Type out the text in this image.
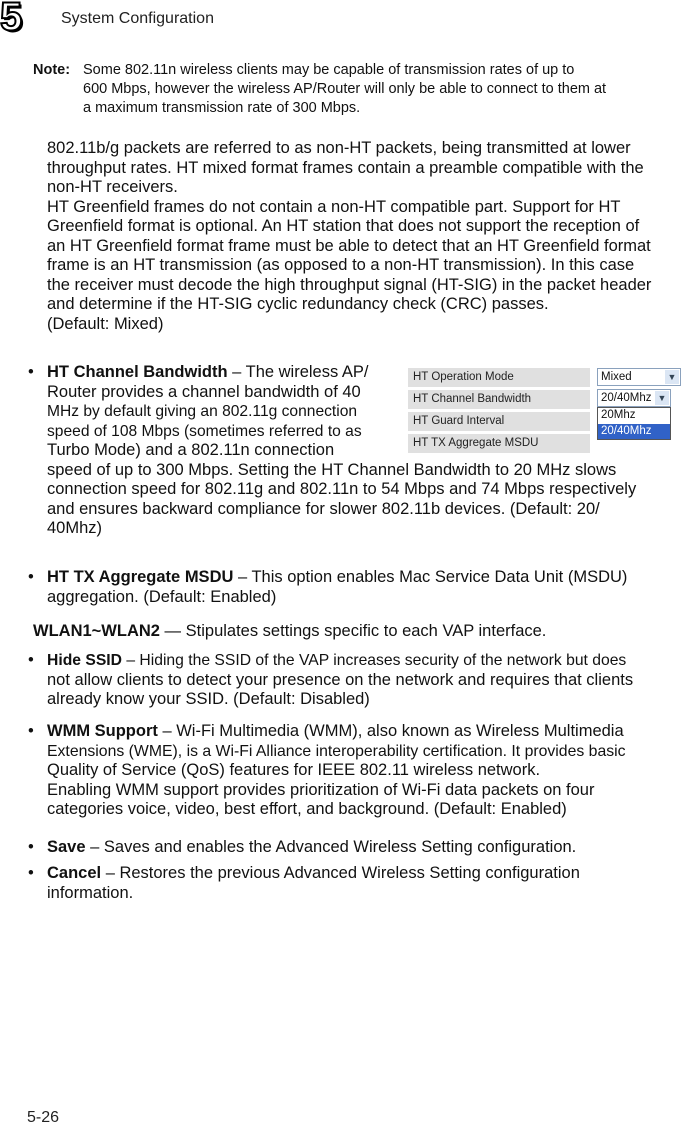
5	System Configuration
Note: Some 802.11n wireless clients may be capable of transmission rates of up to
600 Mbps, however the wireless AP/Router will only be able to connect to them at
a maximum transmission rate of 300 Mbps.
802.11b/g packets are referred to as non-HT packets, being transmitted at lower
throughput rates. HT mixed format frames contain a preamble compatible with the
non-HT receivers.
HT Greenfield frames do not contain a non-HT compatible part. Support for HT
Greenfield format is optional. An HT station that does not support the reception of
an HT Greenfield format frame must be able to detect that an HT Greenfield format
frame is an HT transmission (as opposed to a non-HT transmission). In this case
the receiver must decode the high throughput signal (HT-SIG) in the packet header
and determine if the HT-SIG cyclic redundancy check (CRC) passes.
(Default: Mixed)
• HT Channel Bandwidth – The wireless AP/
Router provides a channel bandwidth of 40
MHz by default giving an 802.11g connection
speed of 108 Mbps (sometimes referred to as
Turbo Mode) and a 802.11n connection
speed of up to 300 Mbps. Setting the HT Channel Bandwidth to 20 MHz slows
connection speed for 802.11g and 802.11n to 54 Mbps and 74 Mbps respectively
and ensures backward compliance for slower 802.11b devices. (Default: 20/
40Mhz)
HT Operation Mode
HT Channel Bandwidth
HT Guard Interval
HT TX Aggregate MSDU
Mixed	▼
20/40Mhz ▼
20Mhz
20/40Mhz
• HT TX Aggregate MSDU – This option enables Mac Service Data Unit (MSDU)
aggregation. (Default: Enabled)
WLAN1~WLAN2 — Stipulates settings specific to each VAP interface.
• Hide SSID – Hiding the SSID of the VAP increases security of the network but does
not allow clients to detect your presence on the network and requires that clients
already know your SSID. (Default: Disabled)
• WMM Support – Wi-Fi Multimedia (WMM), also known as Wireless Multimedia
Extensions (WME), is a Wi-Fi Alliance interoperability certification. It provides basic
Quality of Service (QoS) features for IEEE 802.11 wireless network.
Enabling WMM support provides prioritization of Wi-Fi data packets on four
categories voice, video, best effort, and background. (Default: Enabled)
• Save – Saves and enables the Advanced Wireless Setting configuration.
• Cancel – Restores the previous Advanced Wireless Setting configuration
information.
5-26
